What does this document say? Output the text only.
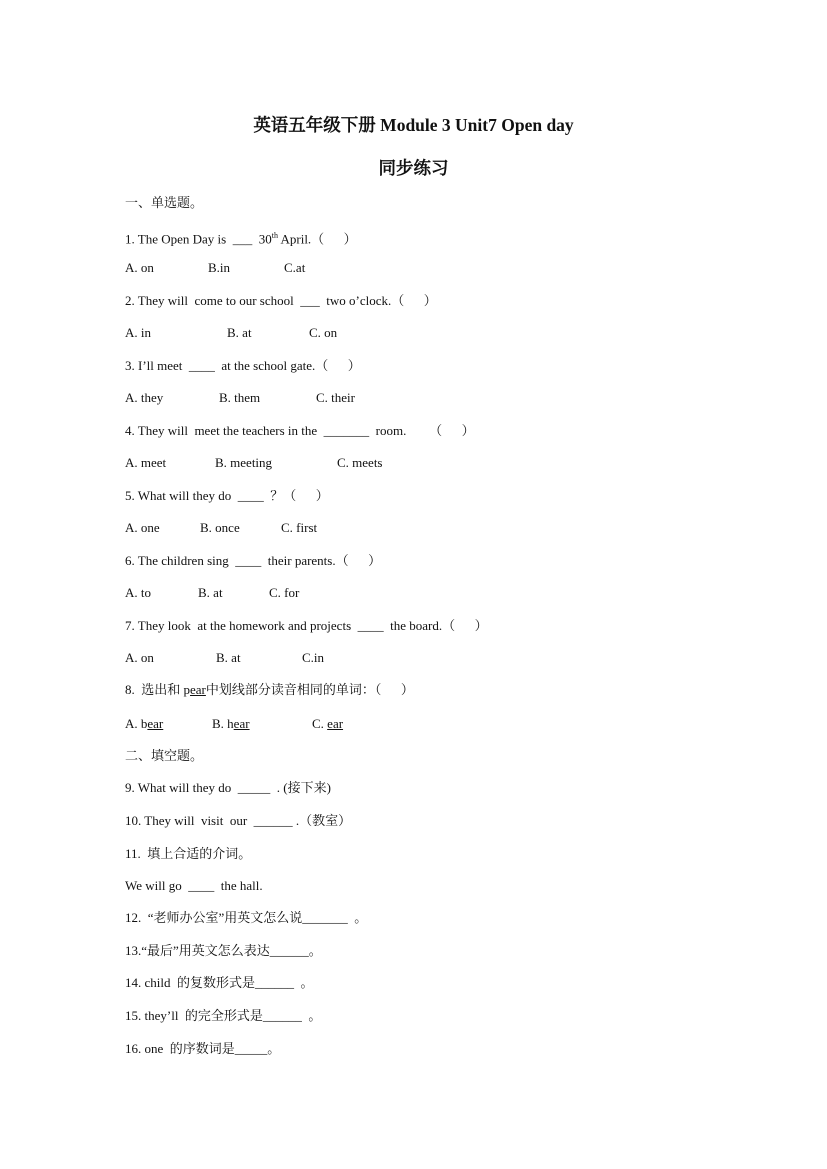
英语五年级下册 Module 3 Unit7 Open day
同步练习
一、单选题。
1. The Open Day is  ___  30th April.（      ）
A. on	B.in	C.at
2. They will  come to our school  ___  two o’clock.（      ）
A. in	B. at	C. on
3. I’ll meet  ____  at the school gate.（      ）
A. they	B. them	C. their
4. They will  meet the teachers in the  _______  room.       （      ）
A. meet	B. meeting	C. meets
5. What will they do  ____  ？（      ）
A. one	B. once	C. first
6. The children sing  ____  their parents.（      ）
A. to	B. at	C. for
7. They look  at the homework and projects  ____  the board.（      ）
A. on	B. at	C.in
8.  选出和 pear中划线部分读音相同的单词：（      ）
A. bear	B. hear	C. ear
二、填空题。
9. What will they do  _____  . (接下来)
10. They will  visit  our  ______ .（教室）
11.  填上合适的介词。
We will go  ____  the hall.
12.  “老师办公室”用英文怎么说_______  。
13.“最后”用英文怎么表达______。
14. child  的复数形式是______  。
15. they’ll  的完全形式是______  。
16. one  的序数词是_____。
